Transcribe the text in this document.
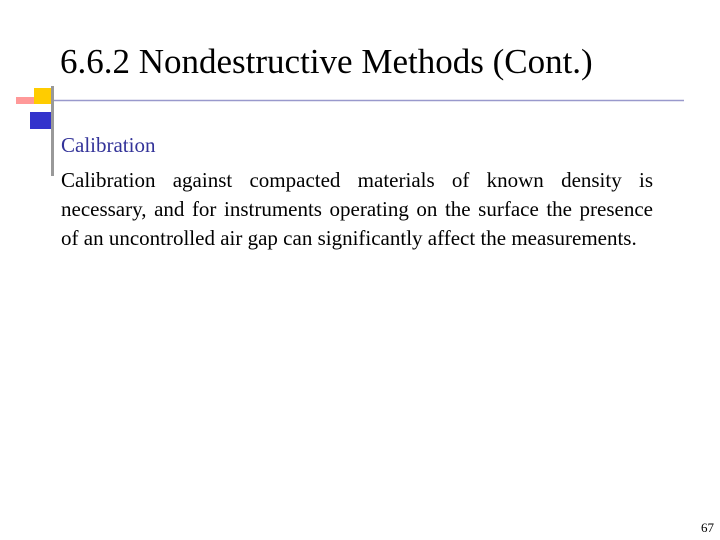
6.6.2 Nondestructive Methods (Cont.)
Calibration
Calibration against compacted materials of known density is necessary, and for instruments operating on the surface the presence of an uncontrolled air gap can significantly affect the measurements.
67
